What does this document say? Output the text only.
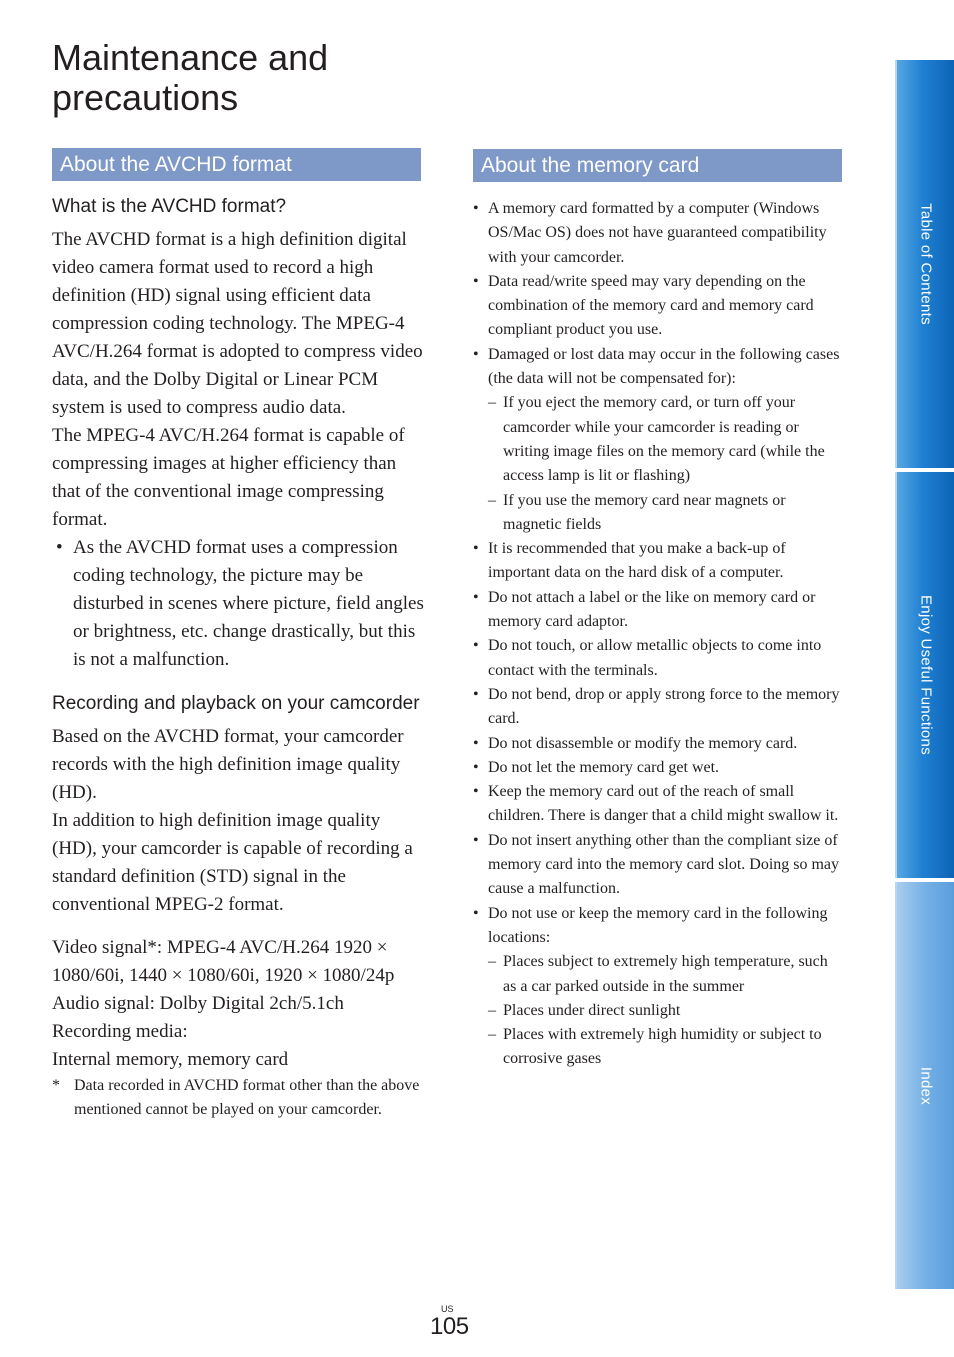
Maintenance and precautions
About the AVCHD format	About the memory card
What is the AVCHD format?
The AVCHD format is a high definition digital video camera format used to record a high definition (HD) signal using efficient data compression coding technology. The MPEG-4 AVC/H.264 format is adopted to compress video data, and the Dolby Digital or Linear PCM system is used to compress audio data.
The MPEG-4 AVC/H.264 format is capable of compressing images at higher efficiency than that of the conventional image compressing format.
• As the AVCHD format uses a compression coding technology, the picture may be disturbed in scenes where picture, field angles or brightness, etc. change drastically, but this is not a malfunction.
Recording and playback on your camcorder
Based on the AVCHD format, your camcorder records with the high definition image quality (HD).
In addition to high definition image quality (HD), your camcorder is capable of recording a standard definition (STD) signal in the conventional MPEG-2 format.
Video signal*: MPEG-4 AVC/H.264 1920 × 1080/60i, 1440 × 1080/60i, 1920 × 1080/24p
Audio signal: Dolby Digital 2ch/5.1ch
Recording media:
Internal memory, memory card
* Data recorded in AVCHD format other than the above mentioned cannot be played on your camcorder.
• A memory card formatted by a computer (Windows OS/Mac OS) does not have guaranteed compatibility with your camcorder.
• Data read/write speed may vary depending on the combination of the memory card and memory card compliant product you use.
• Damaged or lost data may occur in the following cases (the data will not be compensated for):
– If you eject the memory card, or turn off your camcorder while your camcorder is reading or writing image files on the memory card (while the access lamp is lit or flashing)
– If you use the memory card near magnets or magnetic fields
• It is recommended that you make a back-up of important data on the hard disk of a computer.
• Do not attach a label or the like on memory card or memory card adaptor.
• Do not touch, or allow metallic objects to come into contact with the terminals.
• Do not bend, drop or apply strong force to the memory card.
• Do not disassemble or modify the memory card.
• Do not let the memory card get wet.
• Keep the memory card out of the reach of small children. There is danger that a child might swallow it.
• Do not insert anything other than the compliant size of memory card into the memory card slot. Doing so may cause a malfunction.
• Do not use or keep the memory card in the following locations:
– Places subject to extremely high temperature, such as a car parked outside in the summer
– Places under direct sunlight
– Places with extremely high humidity or subject to corrosive gases
Table of Contents
Enjoy Useful Functions
Index
US
105
